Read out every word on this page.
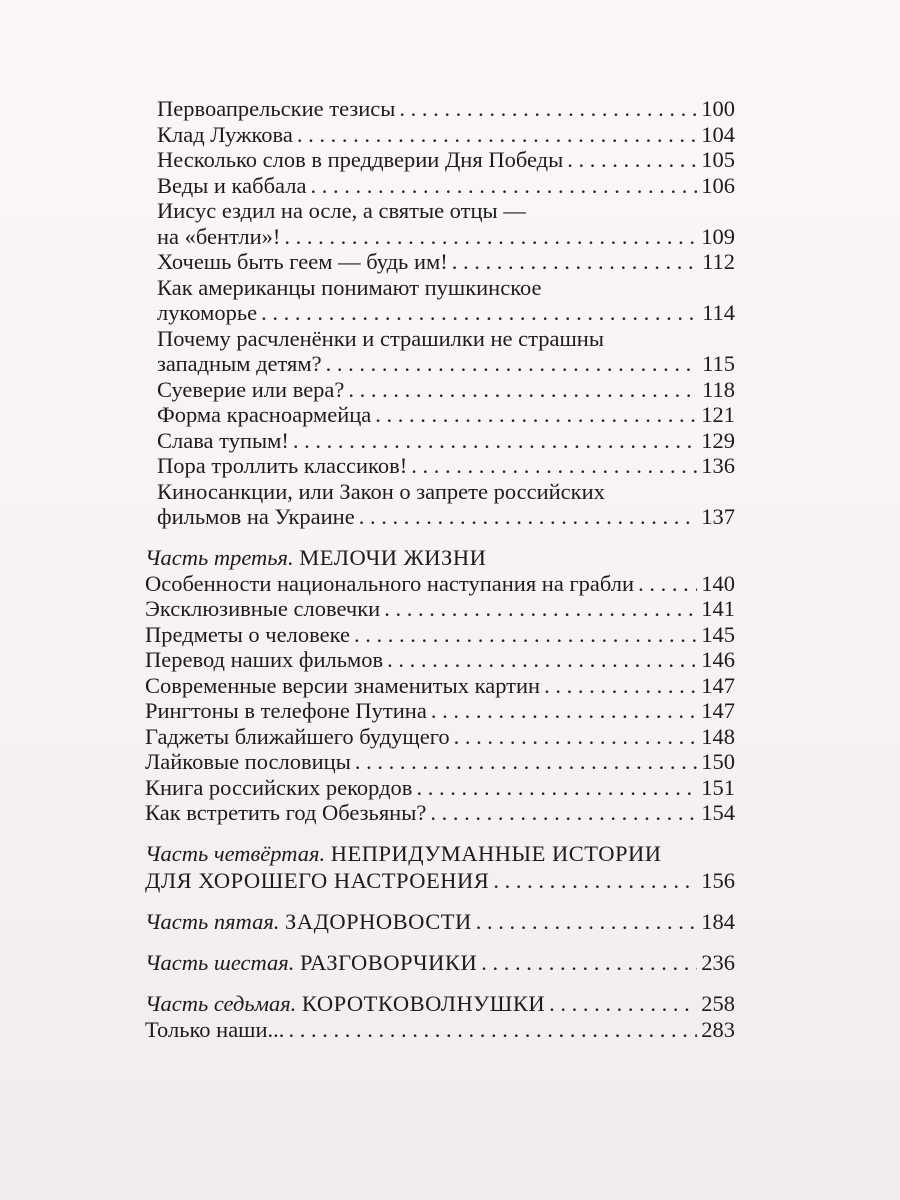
Первоапрельские тезисы . . .	100
Клад Лужкова . . .	104
Несколько слов в преддверии Дня Победы . . .	105
Веды и каббала . . .	106
Иисус ездил на осле, а святые отцы —
на «бентли»! . . .	109
Хочешь быть геем — будь им! . . .	112
Как американцы понимают пушкинское
лукоморье . . .	114
Почему расчленёнки и страшилки не страшны
западным детям? . . .	115
Суеверие или вера? . . .	118
Форма красноармейца . . .	121
Слава тупым! . . .	129
Пора троллить классиков! . . .	136
Киносанкции, или Закон о запрете российских
фильмов на Украине . . .	137
Часть третья. МЕЛОЧИ ЖИЗНИ
Особенности национального наступания на грабли . . .	140
Эксклюзивные словечки . . .	141
Предметы о человеке . . .	145
Перевод наших фильмов . . .	146
Современные версии знаменитых картин . . .	147
Рингтоны в телефоне Путина . . .	147
Гаджеты ближайшего будущего . . .	148
Лайковые пословицы . . .	150
Книга российских рекордов . . .	151
Как встретить год Обезьяны? . . .	154
Часть четвёртая. НЕПРИДУМАННЫЕ ИСТОРИИ
ДЛЯ ХОРОШЕГО НАСТРОЕНИЯ . . .	156
Часть пятая. ЗАДОРНОВОСТИ . . .	184
Часть шестая. РАЗГОВОРЧИКИ . . .	236
Часть седьмая. КОРОТКОВОЛНУШКИ . . .	258
Только наши... . . .	283
